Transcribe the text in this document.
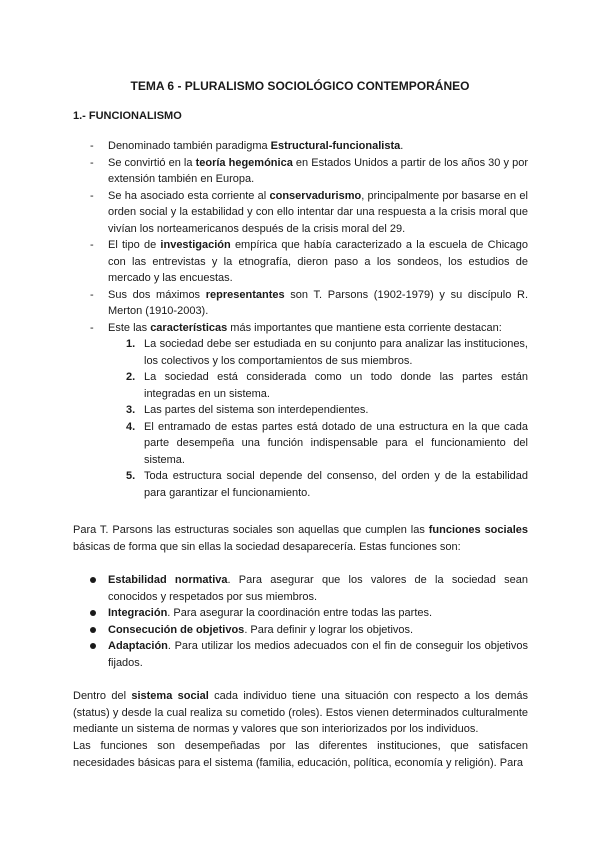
TEMA 6 - PLURALISMO SOCIOLÓGICO CONTEMPORÁNEO
1.- FUNCIONALISMO
- Denominado también paradigma Estructural-funcionalista.
- Se convirtió en la teoría hegemónica en Estados Unidos a partir de los años 30 y por extensión también en Europa.
- Se ha asociado esta corriente al conservadurismo, principalmente por basarse en el orden social y la estabilidad y con ello intentar dar una respuesta a la crisis moral que vivían los norteamericanos después de la crisis moral del 29.
- El tipo de investigación empírica que había caracterizado a la escuela de Chicago con las entrevistas y la etnografía, dieron paso a los sondeos, los estudios de mercado y las encuestas.
- Sus dos máximos representantes son T. Parsons (1902-1979) y su discípulo R. Merton (1910-2003).
- Este las características más importantes que mantiene esta corriente destacan:
1. La sociedad debe ser estudiada en su conjunto para analizar las instituciones, los colectivos y los comportamientos de sus miembros.
2. La sociedad está considerada como un todo donde las partes están integradas en un sistema.
3. Las partes del sistema son interdependientes.
4. El entramado de estas partes está dotado de una estructura en la que cada parte desempeña una función indispensable para el funcionamiento del sistema.
5. Toda estructura social depende del consenso, del orden y de la estabilidad para garantizar el funcionamiento.
Para T. Parsons las estructuras sociales son aquellas que cumplen las funciones sociales básicas de forma que sin ellas la sociedad desaparecería. Estas funciones son:
Estabilidad normativa. Para asegurar que los valores de la sociedad sean conocidos y respetados por sus miembros.
Integración. Para asegurar la coordinación entre todas las partes.
Consecución de objetivos. Para definir y lograr los objetivos.
Adaptación. Para utilizar los medios adecuados con el fin de conseguir los objetivos fijados.
Dentro del sistema social cada individuo tiene una situación con respecto a los demás (status) y desde la cual realiza su cometido (roles). Estos vienen determinados culturalmente mediante un sistema de normas y valores que son interiorizados por los individuos.
Las funciones son desempeñadas por las diferentes instituciones, que satisfacen necesidades básicas para el sistema (familia, educación, política, economía y religión). Para
